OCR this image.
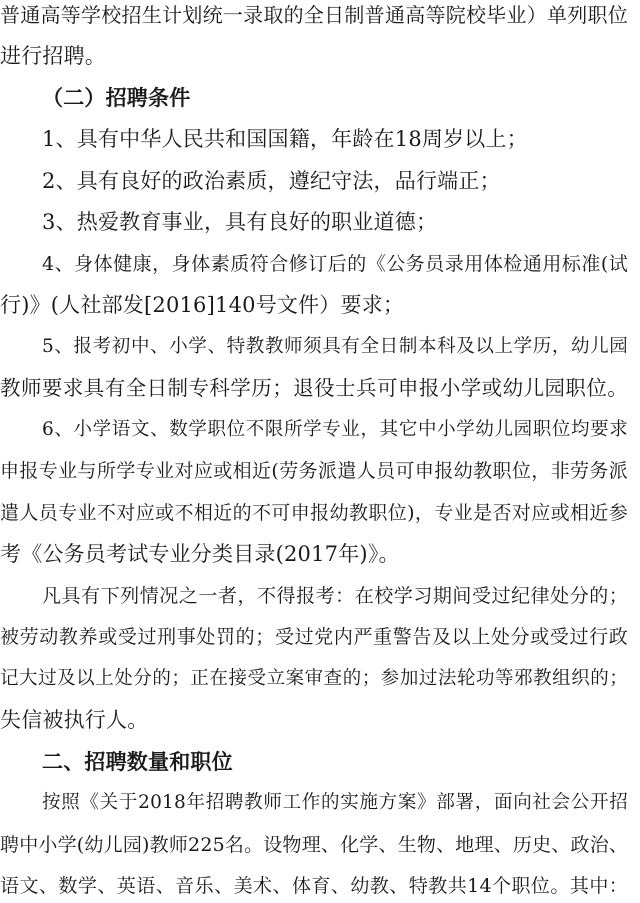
普通高等学校招生计划统一录取的全日制普通高等院校毕业）单列职位
进行招聘。
（二）招聘条件
1、具有中华人民共和国国籍，年龄在18周岁以上；
2、具有良好的政治素质，遵纪守法，品行端正；
3、热爱教育事业，具有良好的职业道德；
4、身体健康，身体素质符合修订后的《公务员录用体检通用标准(试
行)》(人社部发[2016]140号文件）要求；
5、报考初中、小学、特教教师须具有全日制本科及以上学历，幼儿园
教师要求具有全日制专科学历；退役士兵可申报小学或幼儿园职位。
6、小学语文、数学职位不限所学专业，其它中小学幼儿园职位均要求
申报专业与所学专业对应或相近(劳务派遣人员可申报幼教职位，非劳务派
遣人员专业不对应或不相近的不可申报幼教职位)，专业是否对应或相近参
考《公务员考试专业分类目录(2017年)》。
凡具有下列情况之一者，不得报考：在校学习期间受过纪律处分的；
被劳动教养或受过刑事处罚的；受过党内严重警告及以上处分或受过行政
记大过及以上处分的；正在接受立案审查的；参加过法轮功等邪教组织的；
失信被执行人。
二、招聘数量和职位
按照《关于2018年招聘教师工作的实施方案》部署，面向社会公开招
聘中小学(幼儿园)教师225名。设物理、化学、生物、地理、历史、政治、
语文、数学、英语、音乐、美术、体育、幼教、特教共14个职位。其中：
